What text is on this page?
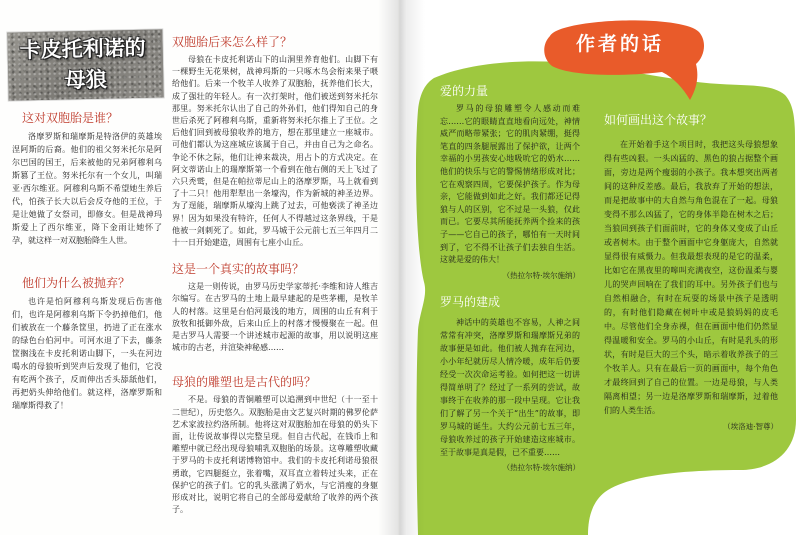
卡皮托利诺的
母狼
这对双胞胎是谁？

洛摩罗斯和瑞摩斯是特洛伊的英雄埃涅阿斯的后裔。他们的祖父努米托尔是阿尔巴国的国王，后来被他的兄弟阿穆利乌斯篡了王位。努米托尔有一个女儿，叫瑞亚·西尔维亚。阿穆利乌斯不希望她生养后代，怕孩子长大以后会反夺他的王位，于是让她做了女祭司，即修女。但是战神玛斯爱上了西尔维亚，降下金雨让她怀了孕，就这样一对双胞胎降生人世。

他们为什么被抛弃？

也许是怕阿穆利乌斯发现后伤害他们，也许是阿穆利乌斯下令扔掉他们，他们被放在一个藤条筐里，扔进了正在涨水的绿色台伯河中。可河水退了下去，藤条筐搁浅在卡皮托利诺山脚下，一头在河边喝水的母狼听到哭声后发现了他们，它没有吃两个孩子，反而伸出舌头舔舐他们，再把奶头伸给他们。就这样，洛摩罗斯和瑞摩斯得救了！

双胞胎后来怎么样了？

母狼在卡皮托利诺山下的山洞里养育他们。山脚下有一棵野生无花果树，战神玛斯的一只啄木鸟会衔来果子喂给他们。后来一个牧羊人收养了双胞胎，抚养他们长大，成了强壮的年轻人。有一次打架时，他们被送到努米托尔那里。努米托尔认出了自己的外孙们，他们得知自己的身世后杀死了阿穆利乌斯，重新将努米托尔推上了王位。之后他们回到被母狼收养的地方，想在那里建立一座城市。可他们都认为这座城应该属于自己，并由自己为之命名。争论不休之际，他们让神来裁决，用占卜的方式决定。在阿文蒂诺山上的瑞摩斯第一个看到在他右侧的天上飞过了六只秃鹫，但是在帕拉蒂尼山上的洛摩罗斯，马上就看到了十二只！他用犁犁出一条壕沟，作为新城的神圣边界。为了逞能，瑞摩斯从壕沟上跳了过去，可他亵渎了神圣边界！因为如果没有特许，任何人不得越过这条界线，于是他被一剑刺死了。如此，罗马城于公元前七五三年四月二十一日开始建造，周围有七座小山丘。

这是一个真实的故事吗？

这是一则传说，由罗马历史学家蒂托·李维和诗人维吉尔编写。在古罗马的土地上最早建起的是些茅棚，是牧羊人的村落。这里是台伯河最浅的地方，周围的山丘有利于放牧和抵御外敌，后来山丘上的村落才慢慢聚在一起。但是古罗马人需要一个讲述城市起源的故事，用以说明这座城市的古老，并渲染神秘感……

母狼的雕塑也是古代的吗？

不是。母狼的青铜雕塑可以追溯到中世纪（十一至十二世纪），历史悠久。双胞胎是由文艺复兴时期的佛罗伦萨艺术家波拉约洛所制。他将这对双胞胎加在母狼的奶头下面，让传说故事得以完整呈现。但自古代起，在钱币上和雕塑中就已经出现母狼哺乳双胞胎的场景。这尊雕塑收藏于罗马的卡皮托利诺博物馆中。我们的卡皮托利诺母狼很勇敢，它四腿挺立，张着嘴，双耳直立着转过头来，正在保护它的孩子们。它的乳头涨满了奶水，与它消瘦的身躯形成对比，说明它将自己的全部母爱献给了收养的两个孩子。

作者的话
爱的力量

罗马的母狼雕塑令人感动而难忘……它的眼睛直直地看向远处，神情威严而略带紧张；它的肌肉紧绷，挺得笔直的四条腿展露出了保护欲，让两个幸福的小男孩安心地吸吮它的奶水……他们的快乐与它的警惕情绪形成对比；它在观察四周，它要保护孩子。作为母亲，它能做到如此之好。我们都还记得狼与人的区别，它不过是一头狼，仅此而已。它要尽其所能抚养两个捡来的孩子——它自己的孩子，哪怕有一天时间到了，它不得不让孩子们去独自生活。这就是爱的伟大！

（热拉尔特·埃尔施纳）
罗马的建成

神话中的英雄也不容易，人神之间常常有冲突，洛摩罗斯和瑞摩斯兄弟的故事便是如此。他们被人抛弃在河边，小小年纪就历尽人情冷暖，成年后仍要经受一次次命运考验。如何把这一切讲得简单明了？经过了一系列的尝试，故事终于在收养的那一段中呈现。它让我们了解了另一个关于“出生”的故事，即罗马城的诞生。大约公元前七五三年，母狼收养过的孩子开始建造这座城市。至于故事是真是假，已不重要……

（热拉尔特·埃尔施纳）
如何画出这个故事？

在开始着手这个项目时，我把这头母狼想象得有些凶狠。一头凶猛的、黑色的狼占据整个画面，旁边是两个瘦弱的小孩子。我本想突出两者间的这种反差感。最后，我放弃了开始的想法，而是把故事中的大自然与角色混在了一起。母狼变得不那么凶猛了，它的身体半隐在树木之后；当狼回到孩子们面前时，它的身体又变成了山丘或者树木。由于整个画面中它身躯庞大，自然就显得很有威慑力。但我最想表现的是它的温柔，比如它在黑夜里的嗥叫充满夜空，这份温柔与婴儿的哭声回响在了我们的耳中。另外孩子们也与自然相融合，有时在玩耍的场景中孩子是透明的，有时他们隐藏在树叶中或是狼妈妈的皮毛中。尽管他们全身赤裸，但在画面中他们仍然显得温暖和安全。罗马的小山丘，有时是乳头的形状，有时是巨大的三个头，暗示着收养孩子的三个牧羊人。只有在最后一页的画面中，每个角色才最终回到了自己的位置。一边是母狼，与人类隔离相望；另一边是洛摩罗斯和瑞摩斯，过着他们的人类生活。

（埃洛迪·智尊）
